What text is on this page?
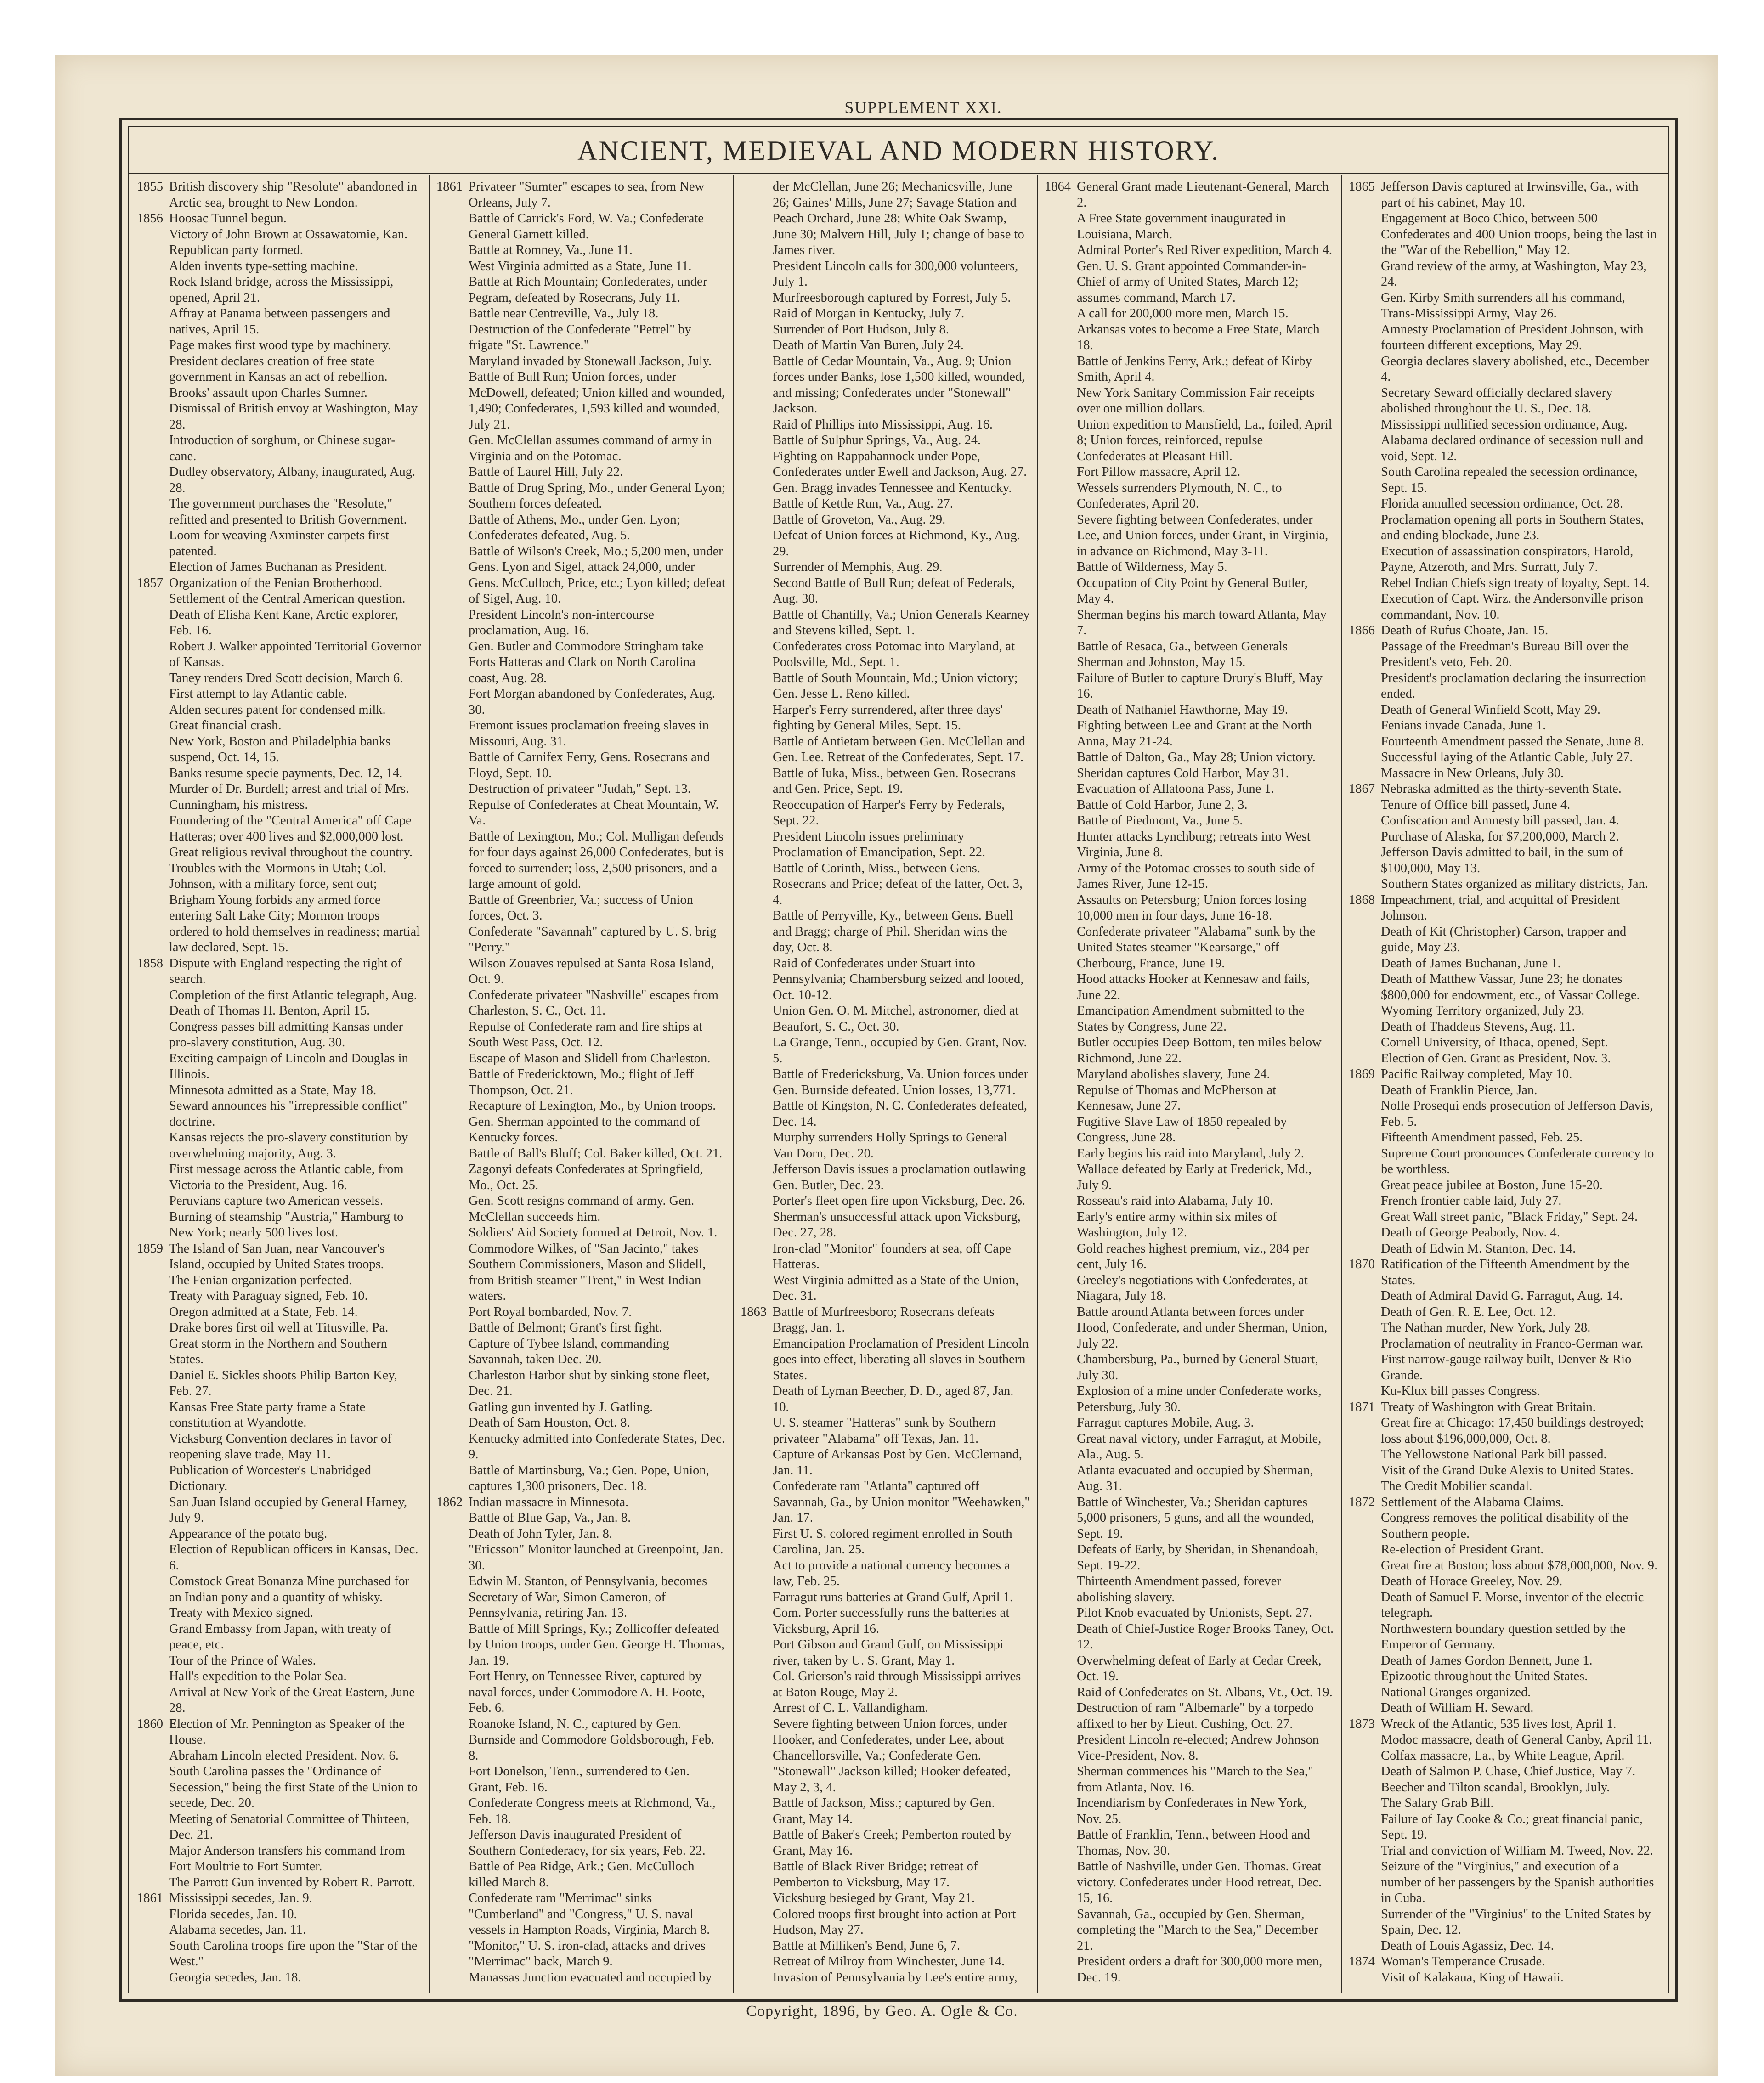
SUPPLEMENT XXI.
ANCIENT, MEDIEVAL AND MODERN HISTORY.
1855 British discovery ship "Resolute" abandoned in Arctic sea, brought to New London.
1856 Hoosac Tunnel begun.
Victory of John Brown at Ossawatomie, Kan.
Republican party formed.
Alden invents type-setting machine.
Rock Island bridge, across the Mississippi, opened, April 21.
Affray at Panama between passengers and natives, April 15.
Page makes first wood type by machinery.
President declares creation of free state government in Kansas an act of rebellion.
Brooks' assault upon Charles Sumner.
Dismissal of British envoy at Washington, May 28.
Introduction of sorghum, or Chinese sugar-cane.
Dudley observatory, Albany, inaugurated, Aug. 28.
The government purchases the "Resolute," refitted and presented to British Government.
Loom for weaving Axminster carpets first patented.
Election of James Buchanan as President.
1857 Organization of the Fenian Brotherhood.
Settlement of the Central American question.
Death of Elisha Kent Kane, Arctic explorer, Feb. 16.
Robert J. Walker appointed Territorial Governor of Kansas.
Taney renders Dred Scott decision, March 6.
First attempt to lay Atlantic cable.
Alden secures patent for condensed milk.
Great financial crash.
New York, Boston and Philadelphia banks suspend, Oct. 14, 15.
Banks resume specie payments, Dec. 12, 14.
Murder of Dr. Burdell; arrest and trial of Mrs. Cunningham, his mistress.
Foundering of the "Central America" off Cape Hatteras; over 400 lives and $2,000,000 lost.
Great religious revival throughout the country.
Troubles with the Mormons in Utah; Col. Johnson, with a military force, sent out; Brigham Young forbids any armed force entering Salt Lake City; Mormon troops ordered to hold themselves in readiness; martial law declared, Sept. 15.
1858 Dispute with England respecting the right of search.
Completion of the first Atlantic telegraph, Aug.
Death of Thomas H. Benton, April 15.
Congress passes bill admitting Kansas under pro-slavery constitution, Aug. 30.
Exciting campaign of Lincoln and Douglas in Illinois.
Minnesota admitted as a State, May 18.
Seward announces his "irrepressible conflict" doctrine.
Kansas rejects the pro-slavery constitution by overwhelming majority, Aug. 3.
First message across the Atlantic cable, from Victoria to the President, Aug. 16.
Peruvians capture two American vessels.
Burning of steamship "Austria," Hamburg to New York; nearly 500 lives lost.
1859 The Island of San Juan, near Vancouver's Island, occupied by United States troops.
The Fenian organization perfected.
Treaty with Paraguay signed, Feb. 10.
Oregon admitted at a State, Feb. 14.
Drake bores first oil well at Titusville, Pa.
Great storm in the Northern and Southern States.
Daniel E. Sickles shoots Philip Barton Key, Feb. 27.
Kansas Free State party frame a State constitution at Wyandotte.
Vicksburg Convention declares in favor of reopening slave trade, May 11.
Publication of Worcester's Unabridged Dictionary.
San Juan Island occupied by General Harney, July 9.
Appearance of the potato bug.
Election of Republican officers in Kansas, Dec. 6.
Comstock Great Bonanza Mine purchased for an Indian pony and a quantity of whisky.
Treaty with Mexico signed.
Grand Embassy from Japan, with treaty of peace, etc.
Tour of the Prince of Wales.
Hall's expedition to the Polar Sea.
Arrival at New York of the Great Eastern, June 28.
1860 Election of Mr. Pennington as Speaker of the House.
Abraham Lincoln elected President, Nov. 6. South Carolina passes the "Ordinance of Secession," being the first State of the Union to secede, Dec. 20.
Meeting of Senatorial Committee of Thirteen, Dec. 21.
Major Anderson transfers his command from Fort Moultrie to Fort Sumter.
The Parrott Gun invented by Robert R. Parrott.
1861 Mississippi secedes, Jan. 9.
Florida secedes, Jan. 10.
Alabama secedes, Jan. 11.
South Carolina troops fire upon the "Star of the West."
Georgia secedes, Jan. 18.
1861 Privateer "Sumter" escapes to sea, from New Orleans, July 7.
Battle of Carrick's Ford, W. Va.; Confederate General Garnett killed.
Battle at Romney, Va., June 11.
West Virginia admitted as a State, June 11.
Battle at Rich Mountain; Confederates, under Pegram, defeated by Rosecrans, July 11.
Battle near Centreville, Va., July 18.
Destruction of the Confederate "Petrel" by frigate "St. Lawrence."
Maryland invaded by Stonewall Jackson, July.
Battle of Bull Run; Union forces, under McDowell, defeated; Union killed and wounded, 1,490; Confederates, 1,593 killed and wounded, July 21.
Gen. McClellan assumes command of army in Virginia and on the Potomac.
Battle of Laurel Hill, July 22.
Battle of Drug Spring, Mo., under General Lyon; Southern forces defeated.
Battle of Athens, Mo., under Gen. Lyon; Confederates defeated, Aug. 5.
Battle of Wilson's Creek, Mo.; 5,200 men, under Gens. Lyon and Sigel, attack 24,000, under Gens. McCulloch, Price, etc.; Lyon killed; defeat of Sigel, Aug. 10.
President Lincoln's non-intercourse proclamation, Aug. 16.
Gen. Butler and Commodore Stringham take Forts Hatteras and Clark on North Carolina coast, Aug. 28.
Fort Morgan abandoned by Confederates, Aug. 30.
Fremont issues proclamation freeing slaves in Missouri, Aug. 31.
Battle of Carnifex Ferry, Gens. Rosecrans and Floyd, Sept. 10.
Destruction of privateer "Judah," Sept. 13.
Repulse of Confederates at Cheat Mountain, W. Va.
Battle of Lexington, Mo.; Col. Mulligan defends for four days against 26,000 Confederates, but is forced to surrender; loss, 2,500 prisoners, and a large amount of gold.
Battle of Greenbrier, Va.; success of Union forces, Oct. 3.
Confederate "Savannah" captured by U. S. brig "Perry."
Wilson Zouaves repulsed at Santa Rosa Island, Oct. 9.
Confederate privateer "Nashville" escapes from Charleston, S. C., Oct. 11.
Repulse of Confederate ram and fire ships at South West Pass, Oct. 12.
Escape of Mason and Slidell from Charleston.
Battle of Fredericktown, Mo.; flight of Jeff Thompson, Oct. 21.
Recapture of Lexington, Mo., by Union troops.
Gen. Sherman appointed to the command of Kentucky forces.
Battle of Ball's Bluff; Col. Baker killed, Oct. 21.
Zagonyi defeats Confederates at Springfield, Mo., Oct. 25.
Gen. Scott resigns command of army. Gen. McClellan succeeds him.
Soldiers' Aid Society formed at Detroit, Nov. 1.
Commodore Wilkes, of "San Jacinto," takes Southern Commissioners, Mason and Slidell, from British steamer "Trent," in West Indian waters.
Port Royal bombarded, Nov. 7.
Battle of Belmont; Grant's first fight.
Capture of Tybee Island, commanding Savannah, taken Dec. 20.
Charleston Harbor shut by sinking stone fleet, Dec. 21.
Gatling gun invented by J. Gatling.
Death of Sam Houston, Oct. 8.
Kentucky admitted into Confederate States, Dec. 9.
Battle of Martinsburg, Va.; Gen. Pope, Union, captures 1,300 prisoners, Dec. 18.
1862 Indian massacre in Minnesota.
Battle of Blue Gap, Va., Jan. 8.
Death of John Tyler, Jan. 8.
"Ericsson" Monitor launched at Greenpoint, Jan. 30.
Edwin M. Stanton, of Pennsylvania, becomes Secretary of War, Simon Cameron, of Pennsylvania, retiring Jan. 13.
Battle of Mill Springs, Ky.; Zollicoffer defeated by Union troops, under Gen. George H. Thomas, Jan. 19.
Fort Henry, on Tennessee River, captured by naval forces, under Commodore A. H. Foote, Feb. 6.
Roanoke Island, N. C., captured by Gen. Burnside and Commodore Goldsborough, Feb. 8.
Fort Donelson, Tenn., surrendered to Gen. Grant, Feb. 16.
Confederate Congress meets at Richmond, Va., Feb. 18.
Jefferson Davis inaugurated President of Southern Confederacy, for six years, Feb. 22.
Battle of Pea Ridge, Ark.; Gen. McCulloch killed March 8.
Confederate ram "Merrimac" sinks "Cumberland" and "Congress," U. S. naval vessels in Hampton Roads, Virginia, March 8.
"Monitor," U. S. iron-clad, attacks and drives "Merrimac" back, March 9.
Manassas Junction evacuated and occupied by
der McClellan, June 26; Mechanicsville, June 26; Gaines' Mills, June 27; Savage Station and Peach Orchard, June 28; White Oak Swamp, June 30; Malvern Hill, July 1; change of base to James river.
President Lincoln calls for 300,000 volunteers, July 1.
Murfreesborough captured by Forrest, July 5.
Raid of Morgan in Kentucky, July 7.
Surrender of Port Hudson, July 8.
Death of Martin Van Buren, July 24.
Battle of Cedar Mountain, Va., Aug. 9; Union forces under Banks, lose 1,500 killed, wounded, and missing; Confederates under "Stonewall" Jackson.
Raid of Phillips into Mississippi, Aug. 16.
Battle of Sulphur Springs, Va., Aug. 24.
Fighting on Rappahannock under Pope, Confederates under Ewell and Jackson, Aug. 27.
Gen. Bragg invades Tennessee and Kentucky.
Battle of Kettle Run, Va., Aug. 27.
Battle of Groveton, Va., Aug. 29.
Defeat of Union forces at Richmond, Ky., Aug. 29.
Surrender of Memphis, Aug. 29.
Second Battle of Bull Run; defeat of Federals, Aug. 30.
Battle of Chantilly, Va.; Union Generals Kearney and Stevens killed, Sept. 1.
Confederates cross Potomac into Maryland, at Poolsville, Md., Sept. 1.
Battle of South Mountain, Md.; Union victory; Gen. Jesse L. Reno killed.
Harper's Ferry surrendered, after three days' fighting by General Miles, Sept. 15.
Battle of Antietam between Gen. McClellan and Gen. Lee. Retreat of the Confederates, Sept. 17.
Battle of Iuka, Miss., between Gen. Rosecrans and Gen. Price, Sept. 19.
Reoccupation of Harper's Ferry by Federals, Sept. 22.
President Lincoln issues preliminary Proclamation of Emancipation, Sept. 22.
Battle of Corinth, Miss., between Gens. Rosecrans and Price; defeat of the latter, Oct. 3, 4.
Battle of Perryville, Ky., between Gens. Buell and Bragg; charge of Phil. Sheridan wins the day, Oct. 8.
Raid of Confederates under Stuart into Pennsylvania; Chambersburg seized and looted, Oct. 10-12.
Union Gen. O. M. Mitchel, astronomer, died at Beaufort, S. C., Oct. 30.
La Grange, Tenn., occupied by Gen. Grant, Nov. 5.
Battle of Fredericksburg, Va. Union forces under Gen. Burnside defeated. Union losses, 13,771.
Battle of Kingston, N. C. Confederates defeated, Dec. 14.
Murphy surrenders Holly Springs to General Van Dorn, Dec. 20.
Jefferson Davis issues a proclamation outlawing Gen. Butler, Dec. 23.
Porter's fleet open fire upon Vicksburg, Dec. 26.
Sherman's unsuccessful attack upon Vicksburg, Dec. 27, 28.
Iron-clad "Monitor" founders at sea, off Cape Hatteras.
West Virginia admitted as a State of the Union, Dec. 31.
1863 Battle of Murfreesboro; Rosecrans defeats Bragg, Jan. 1.
Emancipation Proclamation of President Lincoln goes into effect, liberating all slaves in Southern States.
Death of Lyman Beecher, D. D., aged 87, Jan. 10.
U. S. steamer "Hatteras" sunk by Southern privateer "Alabama" off Texas, Jan. 11.
Capture of Arkansas Post by Gen. McClernand, Jan. 11.
Confederate ram "Atlanta" captured off Savannah, Ga., by Union monitor "Weehawken," Jan. 17.
First U. S. colored regiment enrolled in South Carolina, Jan. 25.
Act to provide a national currency becomes a law, Feb. 25.
Farragut runs batteries at Grand Gulf, April 1.
Com. Porter successfully runs the batteries at Vicksburg, April 16.
Port Gibson and Grand Gulf, on Mississippi river, taken by U. S. Grant, May 1.
Col. Grierson's raid through Mississippi arrives at Baton Rouge, May 2.
Arrest of C. L. Vallandigham.
Severe fighting between Union forces, under Hooker, and Confederates, under Lee, about Chancellorsville, Va.; Confederate Gen. "Stonewall" Jackson killed; Hooker defeated, May 2, 3, 4.
Battle of Jackson, Miss.; captured by Gen. Grant, May 14.
Battle of Baker's Creek; Pemberton routed by Grant, May 16.
Battle of Black River Bridge; retreat of Pemberton to Vicksburg, May 17.
Vicksburg besieged by Grant, May 21.
Colored troops first brought into action at Port Hudson, May 27.
Battle at Milliken's Bend, June 6, 7.
Retreat of Milroy from Winchester, June 14.
Invasion of Pennsylvania by Lee's entire army,
1864 General Grant made Lieutenant-General, March 2.
A Free State government inaugurated in Louisiana, March.
Admiral Porter's Red River expedition, March 4.
Gen. U. S. Grant appointed Commander-in-Chief of army of United States, March 12; assumes command, March 17.
A call for 200,000 more men, March 15.
Arkansas votes to become a Free State, March 18.
Battle of Jenkins Ferry, Ark.; defeat of Kirby Smith, April 4.
New York Sanitary Commission Fair receipts over one million dollars.
Union expedition to Mansfield, La., foiled, April 8; Union forces, reinforced, repulse Confederates at Pleasant Hill.
Fort Pillow massacre, April 12.
Wessels surrenders Plymouth, N. C., to Confederates, April 20.
Severe fighting between Confederates, under Lee, and Union forces, under Grant, in Virginia, in advance on Richmond, May 3-11.
Battle of Wilderness, May 5.
Occupation of City Point by General Butler, May 4.
Sherman begins his march toward Atlanta, May 7.
Battle of Resaca, Ga., between Generals Sherman and Johnston, May 15.
Failure of Butler to capture Drury's Bluff, May 16.
Death of Nathaniel Hawthorne, May 19.
Fighting between Lee and Grant at the North Anna, May 21-24.
Battle of Dalton, Ga., May 28; Union victory.
Sheridan captures Cold Harbor, May 31.
Evacuation of Allatoona Pass, June 1.
Battle of Cold Harbor, June 2, 3.
Battle of Piedmont, Va., June 5.
Hunter attacks Lynchburg; retreats into West Virginia, June 8.
Army of the Potomac crosses to south side of James River, June 12-15.
Assaults on Petersburg; Union forces losing 10,000 men in four days, June 16-18.
Confederate privateer "Alabama" sunk by the United States steamer "Kearsarge," off Cherbourg, France, June 19.
Hood attacks Hooker at Kennesaw and fails, June 22.
Emancipation Amendment submitted to the States by Congress, June 22.
Butler occupies Deep Bottom, ten miles below Richmond, June 22.
Maryland abolishes slavery, June 24.
Repulse of Thomas and McPherson at Kennesaw, June 27.
Fugitive Slave Law of 1850 repealed by Congress, June 28.
Early begins his raid into Maryland, July 2.
Wallace defeated by Early at Frederick, Md., July 9.
Rosseau's raid into Alabama, July 10.
Early's entire army within six miles of Washington, July 12.
Gold reaches highest premium, viz., 284 per cent, July 16.
Greeley's negotiations with Confederates, at Niagara, July 18.
Battle around Atlanta between forces under Hood, Confederate, and under Sherman, Union, July 22.
Chambersburg, Pa., burned by General Stuart, July 30.
Explosion of a mine under Confederate works, Petersburg, July 30.
Farragut captures Mobile, Aug. 3.
Great naval victory, under Farragut, at Mobile, Ala., Aug. 5.
Atlanta evacuated and occupied by Sherman, Aug. 31.
Battle of Winchester, Va.; Sheridan captures 5,000 prisoners, 5 guns, and all the wounded, Sept. 19.
Defeats of Early, by Sheridan, in Shenandoah, Sept. 19-22.
Thirteenth Amendment passed, forever abolishing slavery.
Pilot Knob evacuated by Unionists, Sept. 27.
Death of Chief-Justice Roger Brooks Taney, Oct. 12.
Overwhelming defeat of Early at Cedar Creek, Oct. 19.
Raid of Confederates on St. Albans, Vt., Oct. 19.
Destruction of ram "Albemarle" by a torpedo affixed to her by Lieut. Cushing, Oct. 27.
President Lincoln re-elected; Andrew Johnson Vice-President, Nov. 8.
Sherman commences his "March to the Sea," from Atlanta, Nov. 16.
Incendiarism by Confederates in New York, Nov. 25.
Battle of Franklin, Tenn., between Hood and Thomas, Nov. 30.
Battle of Nashville, under Gen. Thomas. Great victory. Confederates under Hood retreat, Dec. 15, 16.
Savannah, Ga., occupied by Gen. Sherman, completing the "March to the Sea," December 21.
President orders a draft for 300,000 more men, Dec. 19.
1865 Jefferson Davis captured at Irwinsville, Ga., with part of his cabinet, May 10.
Engagement at Boco Chico, between 500 Confederates and 400 Union troops, being the last in the "War of the Rebellion," May 12.
Grand review of the army, at Washington, May 23, 24.
Gen. Kirby Smith surrenders all his command, Trans-Mississippi Army, May 26.
Amnesty Proclamation of President Johnson, with fourteen different exceptions, May 29.
Georgia declares slavery abolished, etc., December 4.
Secretary Seward officially declared slavery abolished throughout the U. S., Dec. 18.
Mississippi nullified secession ordinance, Aug.
Alabama declared ordinance of secession null and void, Sept. 12.
South Carolina repealed the secession ordinance, Sept. 15.
Florida annulled secession ordinance, Oct. 28.
Proclamation opening all ports in Southern States, and ending blockade, June 23.
Execution of assassination conspirators, Harold, Payne, Atzeroth, and Mrs. Surratt, July 7.
Rebel Indian Chiefs sign treaty of loyalty, Sept. 14.
Execution of Capt. Wirz, the Andersonville prison commandant, Nov. 10.
1866 Death of Rufus Choate, Jan. 15.
Passage of the Freedman's Bureau Bill over the President's veto, Feb. 20.
President's proclamation declaring the insurrection ended.
Death of General Winfield Scott, May 29.
Fenians invade Canada, June 1.
Fourteenth Amendment passed the Senate, June 8.
Successful laying of the Atlantic Cable, July 27.
Massacre in New Orleans, July 30.
1867 Nebraska admitted as the thirty-seventh State.
Tenure of Office bill passed, June 4.
Confiscation and Amnesty bill passed, Jan. 4.
Purchase of Alaska, for $7,200,000, March 2.
Jefferson Davis admitted to bail, in the sum of $100,000, May 13.
Southern States organized as military districts, Jan.
1868 Impeachment, trial, and acquittal of President Johnson.
Death of Kit (Christopher) Carson, trapper and guide, May 23.
Death of James Buchanan, June 1.
Death of Matthew Vassar, June 23; he donates $800,000 for endowment, etc., of Vassar College.
Wyoming Territory organized, July 23.
Death of Thaddeus Stevens, Aug. 11.
Cornell University, of Ithaca, opened, Sept.
Election of Gen. Grant as President, Nov. 3.
1869 Pacific Railway completed, May 10.
Death of Franklin Pierce, Jan.
Nolle Prosequi ends prosecution of Jefferson Davis, Feb. 5.
Fifteenth Amendment passed, Feb. 25.
Supreme Court pronounces Confederate currency to be worthless.
Great peace jubilee at Boston, June 15-20.
French frontier cable laid, July 27.
Great Wall street panic, "Black Friday," Sept. 24.
Death of George Peabody, Nov. 4.
Death of Edwin M. Stanton, Dec. 14.
1870 Ratification of the Fifteenth Amendment by the States.
Death of Admiral David G. Farragut, Aug. 14.
Death of Gen. R. E. Lee, Oct. 12.
The Nathan murder, New York, July 28.
Proclamation of neutrality in Franco-German war.
First narrow-gauge railway built, Denver & Rio Grande.
Ku-Klux bill passes Congress.
1871 Treaty of Washington with Great Britain.
Great fire at Chicago; 17,450 buildings destroyed; loss about $196,000,000, Oct. 8.
The Yellowstone National Park bill passed.
Visit of the Grand Duke Alexis to United States.
The Credit Mobilier scandal.
1872 Settlement of the Alabama Claims.
Congress removes the political disability of the Southern people.
Re-election of President Grant.
Great fire at Boston; loss about $78,000,000, Nov. 9.
Death of Horace Greeley, Nov. 29.
Death of Samuel F. Morse, inventor of the electric telegraph.
Northwestern boundary question settled by the Emperor of Germany.
Death of James Gordon Bennett, June 1.
Epizootic throughout the United States.
National Granges organized.
Death of William H. Seward.
1873 Wreck of the Atlantic, 535 lives lost, April 1.
Modoc massacre, death of General Canby, April 11.
Colfax massacre, La., by White League, April.
Death of Salmon P. Chase, Chief Justice, May 7.
Beecher and Tilton scandal, Brooklyn, July.
The Salary Grab Bill.
Failure of Jay Cooke & Co.; great financial panic, Sept. 19.
Trial and conviction of William M. Tweed, Nov. 22.
Seizure of the "Virginius," and execution of a number of her passengers by the Spanish authorities in Cuba.
Surrender of the "Virginius" to the United States by Spain, Dec. 12.
Death of Louis Agassiz, Dec. 14.
1874 Woman's Temperance Crusade.
Visit of Kalakaua, King of Hawaii.
Copyright, 1896, by Geo. A. Ogle & Co.
